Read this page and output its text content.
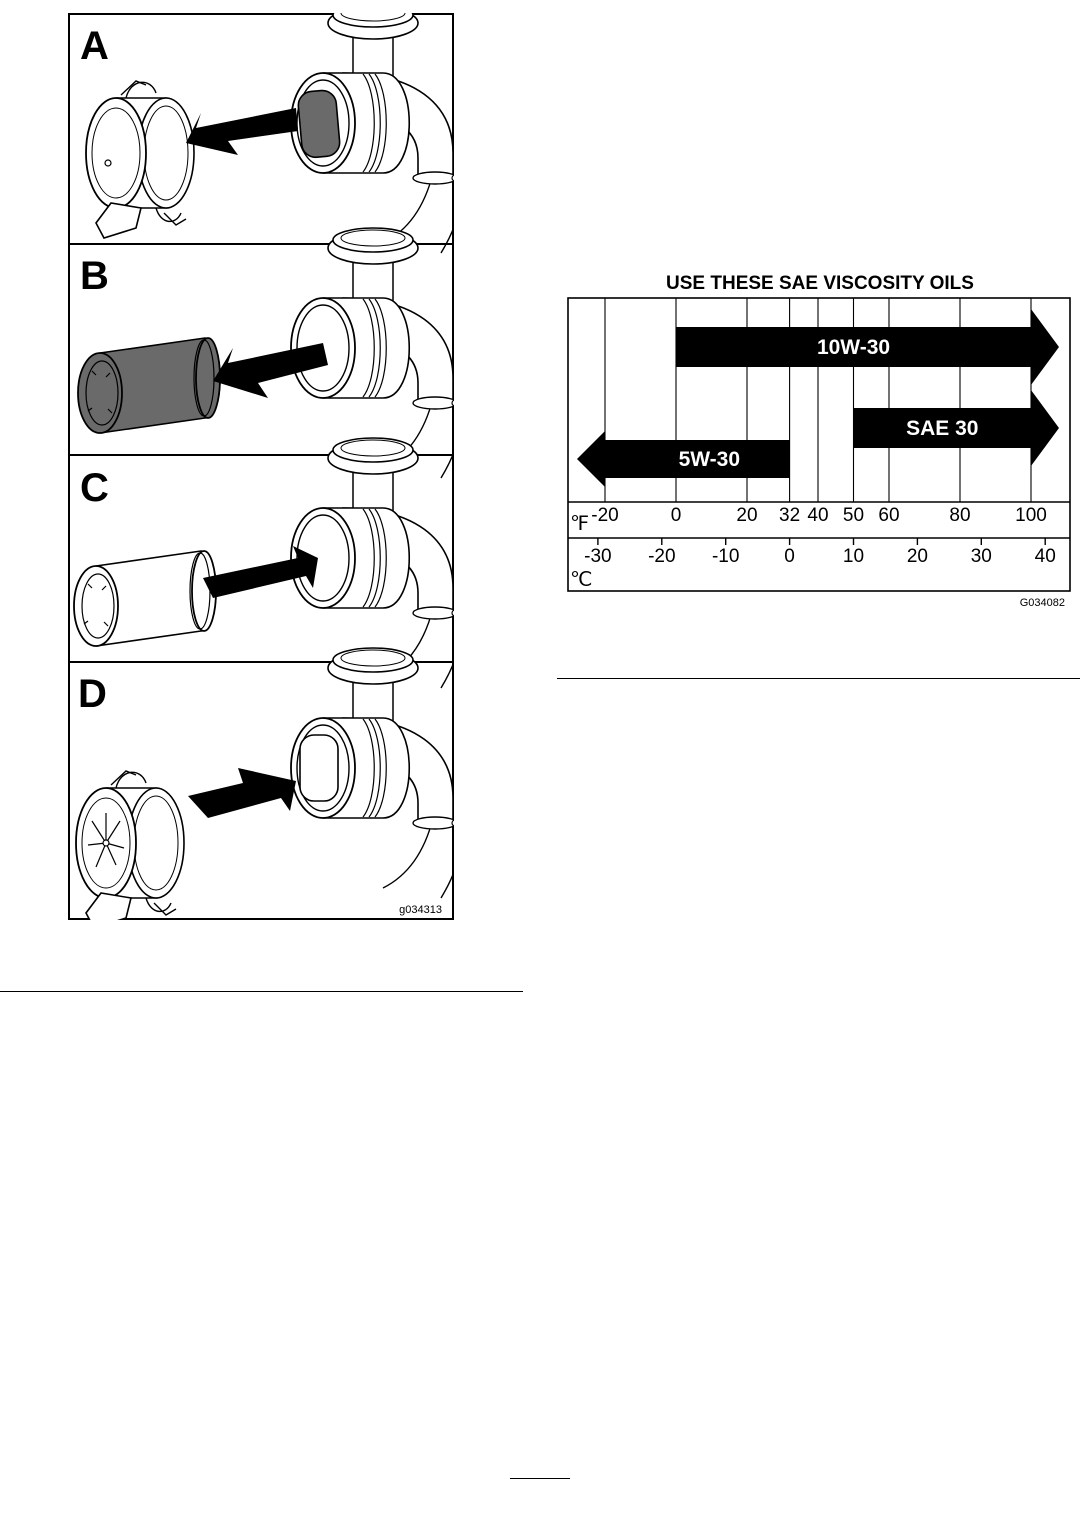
A
B
C
D
g034313
USE THESE SAE VISCOSITY OILS
10W-30
SAE 30
5W-30
℉
℃
-20	0	20 32 40 50 60	80 100
-30 -20 -10 0	10 20 30 40
G034082
